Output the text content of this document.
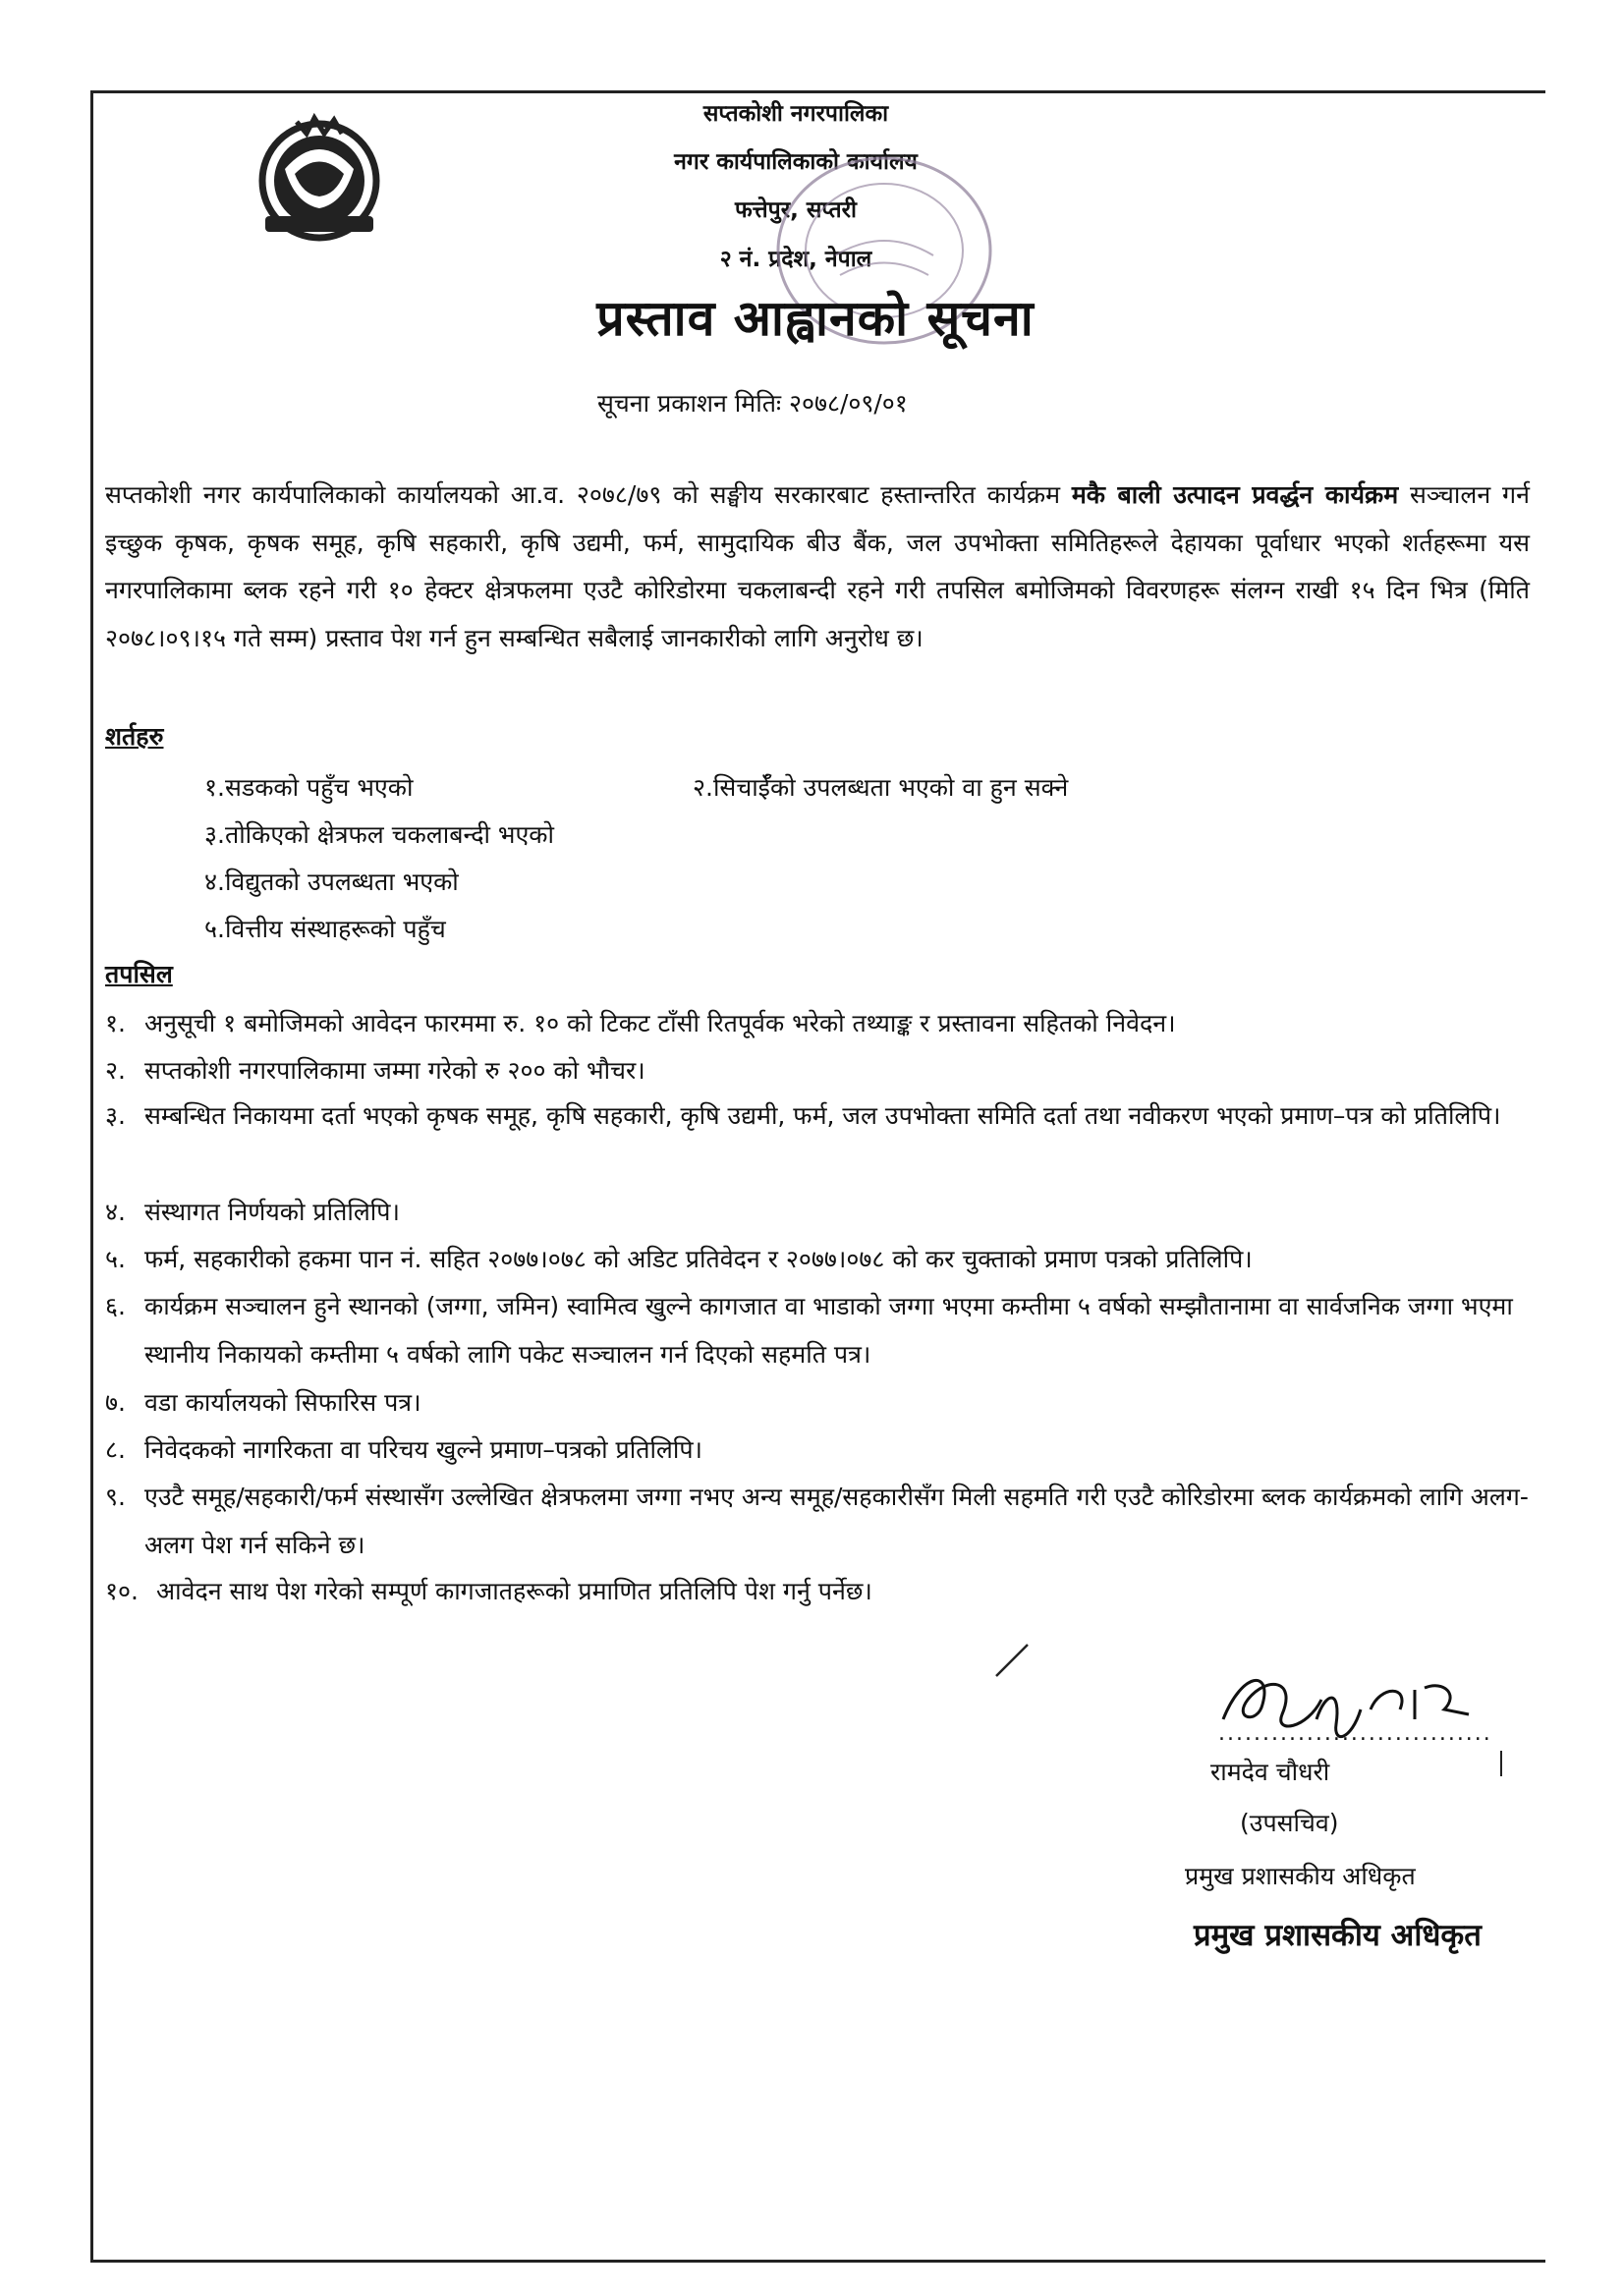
सप्तकोशी नगरपालिका
नगर कार्यपालिकाको कार्यालय
फत्तेपुर, सप्तरी
२ नं. प्रदेश, नेपाल
प्रस्ताव आह्वानको सूचना
सूचना प्रकाशन मितिः २०७८/०९/०१
सप्तकोशी नगर कार्यपालिकाको कार्यालयको आ.व. २०७८/७९ को सङ्घीय सरकारबाट हस्तान्तरित कार्यक्रम मकै बाली उत्पादन प्रवर्द्धन कार्यक्रम सञ्चालन गर्न इच्छुक कृषक, कृषक समूह, कृषि सहकारी, कृषि उद्यमी, फर्म, सामुदायिक बीउ बैंक, जल उपभोक्ता समितिहरूले देहायका पूर्वाधार भएको शर्तहरूमा यस नगरपालिकामा ब्लक रहने गरी १० हेक्टर क्षेत्रफलमा एउटै कोरिडोरमा चकलाबन्दी रहने गरी तपसिल बमोजिमको विवरणहरू संलग्न राखी १५ दिन भित्र (मिति २०७८।०९।१५ गते सम्म) प्रस्ताव पेश गर्न हुन सम्बन्धित सबैलाई जानकारीको लागि अनुरोध छ।
शर्तहरु
१.सडकको पहुँच भएको	२.सिचाईँको उपलब्धता भएको वा हुन सक्ने
३.तोकिएको क्षेत्रफल चकलाबन्दी भएको
४.विद्युतको उपलब्धता भएको
५.वित्तीय संस्थाहरूको पहुँच
तपसिल
१. अनुसूची १ बमोजिमको आवेदन फारममा रु. १० को टिकट टाँसी रितपूर्वक भरेको तथ्याङ्क र प्रस्तावना सहितको निवेदन।
२. सप्तकोशी नगरपालिकामा जम्मा गरेको रु २०० को भौचर।
३. सम्बन्धित निकायमा दर्ता भएको कृषक समूह, कृषि सहकारी, कृषि उद्यमी, फर्म, जल उपभोक्ता समिति दर्ता तथा नवीकरण भएको प्रमाण–पत्र को प्रतिलिपि।
४. संस्थागत निर्णयको प्रतिलिपि।
५. फर्म, सहकारीको हकमा पान नं. सहित २०७७।०७८ को अडिट प्रतिवेदन र २०७७।०७८ को कर चुक्ताको प्रमाण पत्रको प्रतिलिपि।
६. कार्यक्रम सञ्चालन हुने स्थानको (जग्गा, जमिन) स्वामित्व खुल्ने कागजात वा भाडाको जग्गा भएमा कम्तीमा ५ वर्षको सम्झौतानामा वा सार्वजनिक जग्गा भएमा स्थानीय निकायको कम्तीमा ५ वर्षको लागि पकेट सञ्चालन गर्न दिएको सहमति पत्र।
७. वडा कार्यालयको सिफारिस पत्र।
८. निवेदकको नागरिकता वा परिचय खुल्ने प्रमाण–पत्रको प्रतिलिपि।
९. एउटै समूह/सहकारी/फर्म संस्थासँग उल्लेखित क्षेत्रफलमा जग्गा नभए अन्य समूह/सहकारीसँग मिली सहमति गरी एउटै कोरिडोरमा ब्लक कार्यक्रमको लागि अलग-अलग पेश गर्न सकिने छ।
१०. आवेदन साथ पेश गरेको सम्पूर्ण कागजातहरूको प्रमाणित प्रतिलिपि पेश गर्नु पर्नेछ।
...............................
रामदेव चौधरी
(उपसचिव)
प्रमुख प्रशासकीय अधिकृत
प्रमुख प्रशासकीय अधिकृत
